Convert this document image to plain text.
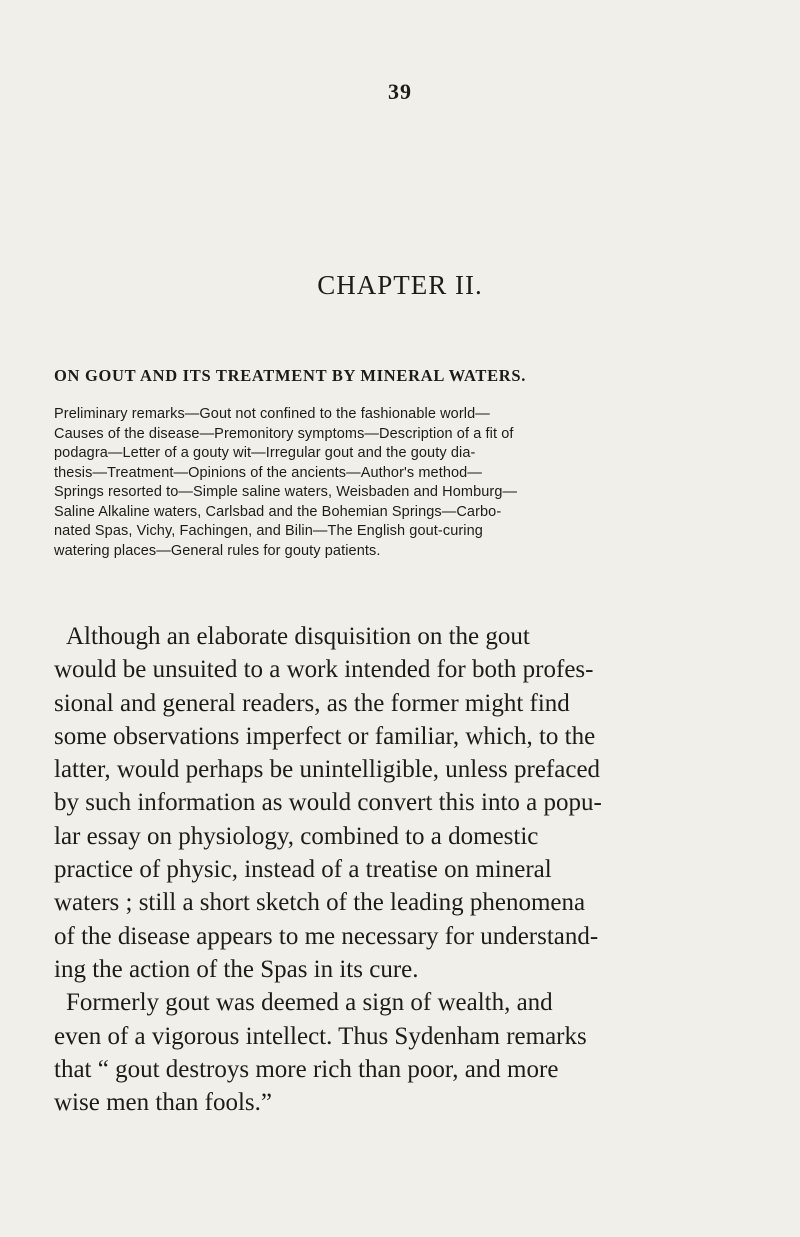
39
CHAPTER II.
ON GOUT AND ITS TREATMENT BY MINERAL WATERS.
Preliminary remarks—Gout not confined to the fashionable world—
Causes of the disease—Premonitory symptoms—Description of a fit of
podagra—Letter of a gouty wit—Irregular gout and the gouty dia-
thesis—Treatment—Opinions of the ancients—Author's method—
Springs resorted to—Simple saline waters, Weisbaden and Homburg—
Saline Alkaline waters, Carlsbad and the Bohemian Springs—Carbo-
nated Spas, Vichy, Fachingen, and Bilin—The English gout-curing
watering places—General rules for gouty patients.
Although an elaborate disquisition on the gout
would be unsuited to a work intended for both profes-
sional and general readers, as the former might find
some observations imperfect or familiar, which, to the
latter, would perhaps be unintelligible, unless prefaced
by such information as would convert this into a popu-
lar essay on physiology, combined to a domestic
practice of physic, instead of a treatise on mineral
waters ; still a short sketch of the leading phenomena
of the disease appears to me necessary for understand-
ing the action of the Spas in its cure.
Formerly gout was deemed a sign of wealth, and
even of a vigorous intellect. Thus Sydenham remarks
that “ gout destroys more rich than poor, and more
wise men than fools.”
